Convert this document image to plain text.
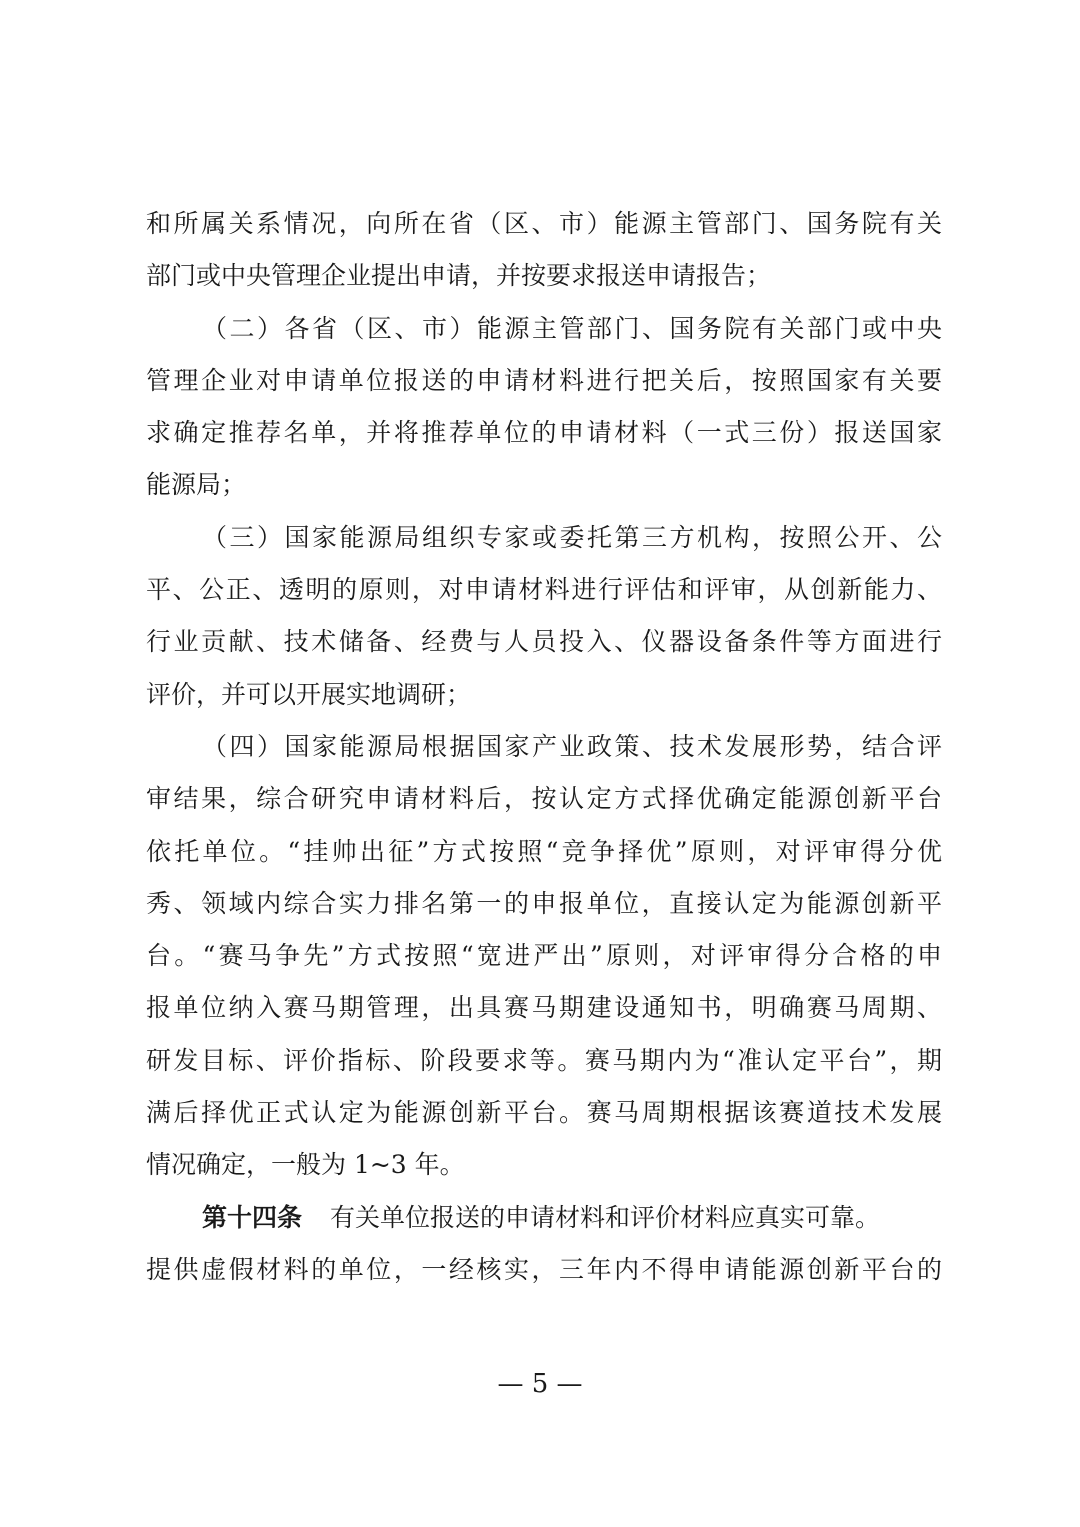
和所属关系情况，向所在省（区、市）能源主管部门、国务院有关
部门或中央管理企业提出申请，并按要求报送申请报告；
（二）各省（区、市）能源主管部门、国务院有关部门或中央
管理企业对申请单位报送的申请材料进行把关后，按照国家有关要
求确定推荐名单，并将推荐单位的申请材料（一式三份）报送国家
能源局；
（三）国家能源局组织专家或委托第三方机构，按照公开、公
平、公正、透明的原则，对申请材料进行评估和评审，从创新能力、
行业贡献、技术储备、经费与人员投入、仪器设备条件等方面进行
评价，并可以开展实地调研；
（四）国家能源局根据国家产业政策、技术发展形势，结合评
审结果，综合研究申请材料后，按认定方式择优确定能源创新平台
依托单位。“挂帅出征”方式按照“竞争择优”原则，对评审得分优
秀、领域内综合实力排名第一的申报单位，直接认定为能源创新平
台。“赛马争先”方式按照“宽进严出”原则，对评审得分合格的申
报单位纳入赛马期管理，出具赛马期建设通知书，明确赛马周期、
研发目标、评价指标、阶段要求等。赛马期内为“准认定平台”，期
满后择优正式认定为能源创新平台。赛马周期根据该赛道技术发展
情况确定，一般为 1~3 年。
第十四条 有关单位报送的申请材料和评价材料应真实可靠。
提供虚假材料的单位，一经核实，三年内不得申请能源创新平台的
— 5 —
